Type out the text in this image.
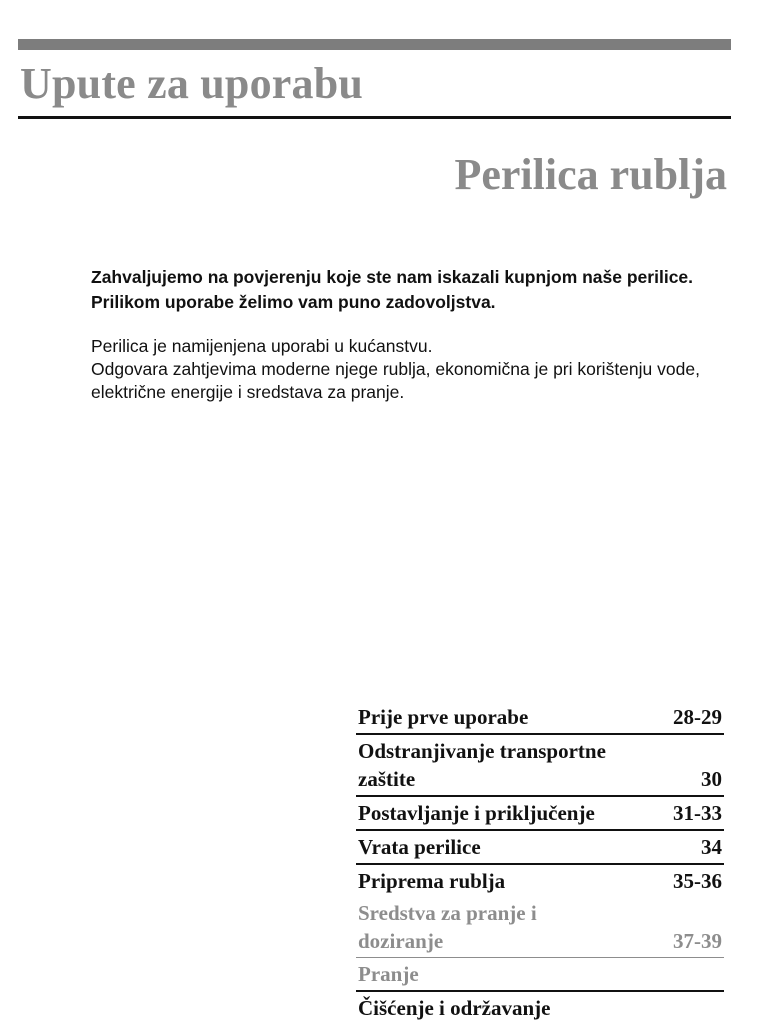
Upute za uporabu
Perilica rublja

Zahvaljujemo na povjerenju koje ste nam iskazali kupnjom naše perilice. Prilikom uporabe želimo vam puno zadovoljstva.

Perilica je namijenjena uporabi u kućanstvu.
Odgovara zahtjevima moderne njege rublja, ekonomična je pri korištenju vode, električne energije i sredstava za pranje.

Prije prve uporabe	28-29
Odstranjivanje transportne
zaštite	30
Postavljanje i priključenje	31-33
Vrata perilice	34
Priprema rublja	35-36
Sredstva za pranje i
doziranje	37-39
Pranje
Čišćenje i održavanje
